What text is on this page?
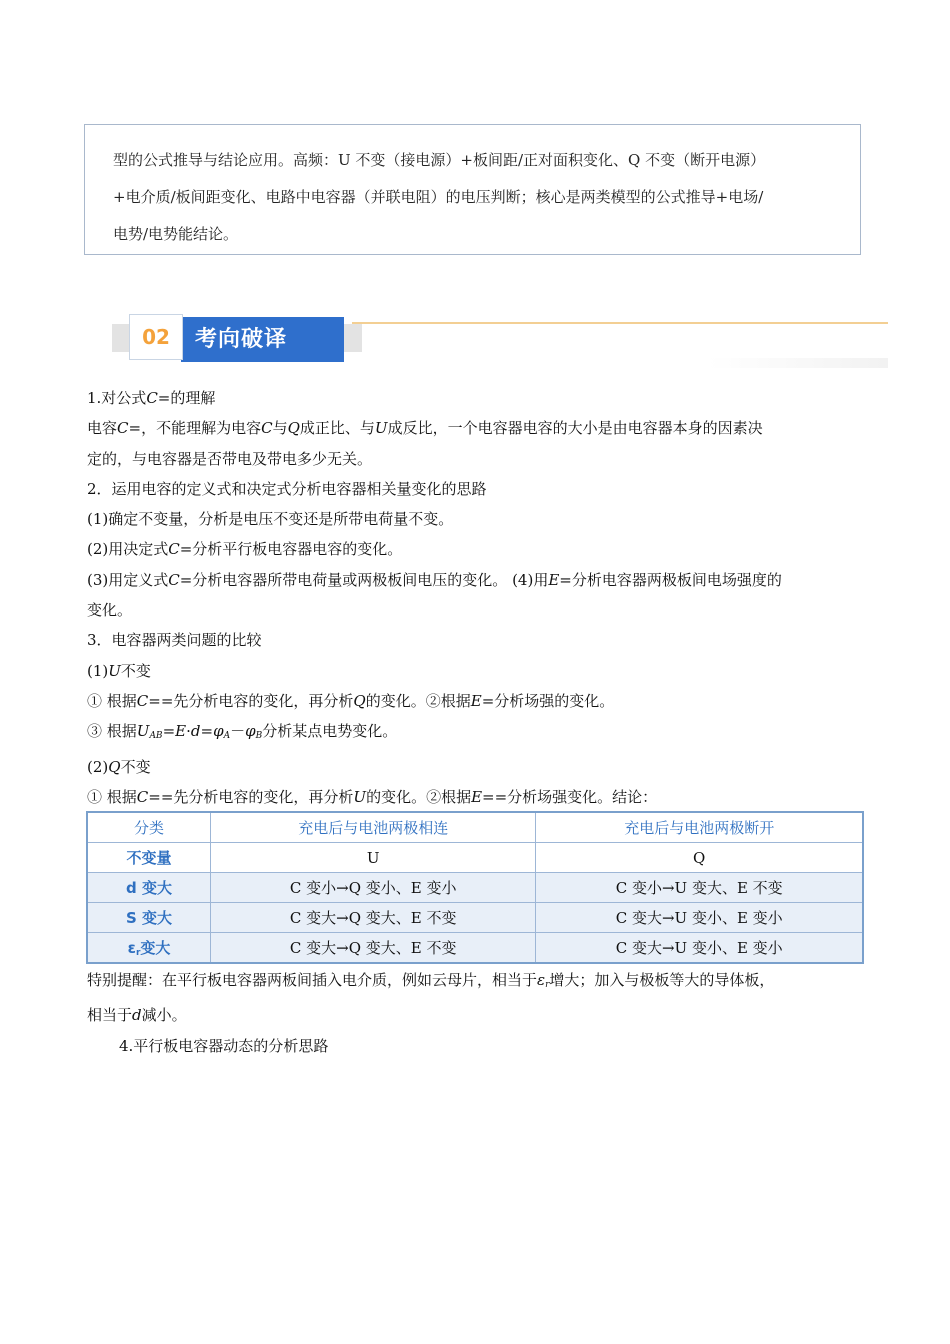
型的公式推导与结论应用。高频：U 不变（接电源）+板间距/正对面积变化、Q 不变（断开电源）
+电介质/板间距变化、电路中电容器（并联电阻）的电压判断；核心是两类模型的公式推导+电场/
电势/电势能结论。
考向破译
02

1.对公式C=的理解

电容C=，不能理解为电容C与Q成正比、与U成反比，一个电容器电容的大小是由电容器本身的因素决

定的，与电容器是否带电及带电多少无关。

2．运用电容的定义式和决定式分析电容器相关量变化的思路

(1)确定不变量，分析是电压不变还是所带电荷量不变。

(2)用决定式C=分析平行板电容器电容的变化。

(3)用定义式C=分析电容器所带电荷量或两极板间电压的变化。 (4)用E=分析电容器两极板间电场强度的

变化。

3．电容器两类问题的比较

(1)U不变

① 根据C==先分析电容的变化，再分析Q的变化。②根据E=分析场强的变化。

③ 根据$U_{AB}=E\cdot d=\varphi_A-\varphi_B$分析某点电势变化。

(2)Q不变

① 根据C==先分析电容的变化，再分析U的变化。②根据E==分析场强变化。结论：

分类	充电后与电池两极相连	充电后与电池两极断开
不变量	U	Q
d 变大	C 变小→Q 变小、E 变小	C 变小→U 变大、E 不变
S 变大	C 变大→Q 变大、E 不变	C 变大→U 变小、E 变小
$\varepsilon_r$变大	C 变大→Q 变大、E 不变	C 变大→U 变小、E 变小

特别提醒：在平行板电容器两板间插入电介质，例如云母片，相当于$\varepsilon_r$增大；加入与极板等大的导体板，

相当于d减小。

4.平行板电容器动态的分析思路
